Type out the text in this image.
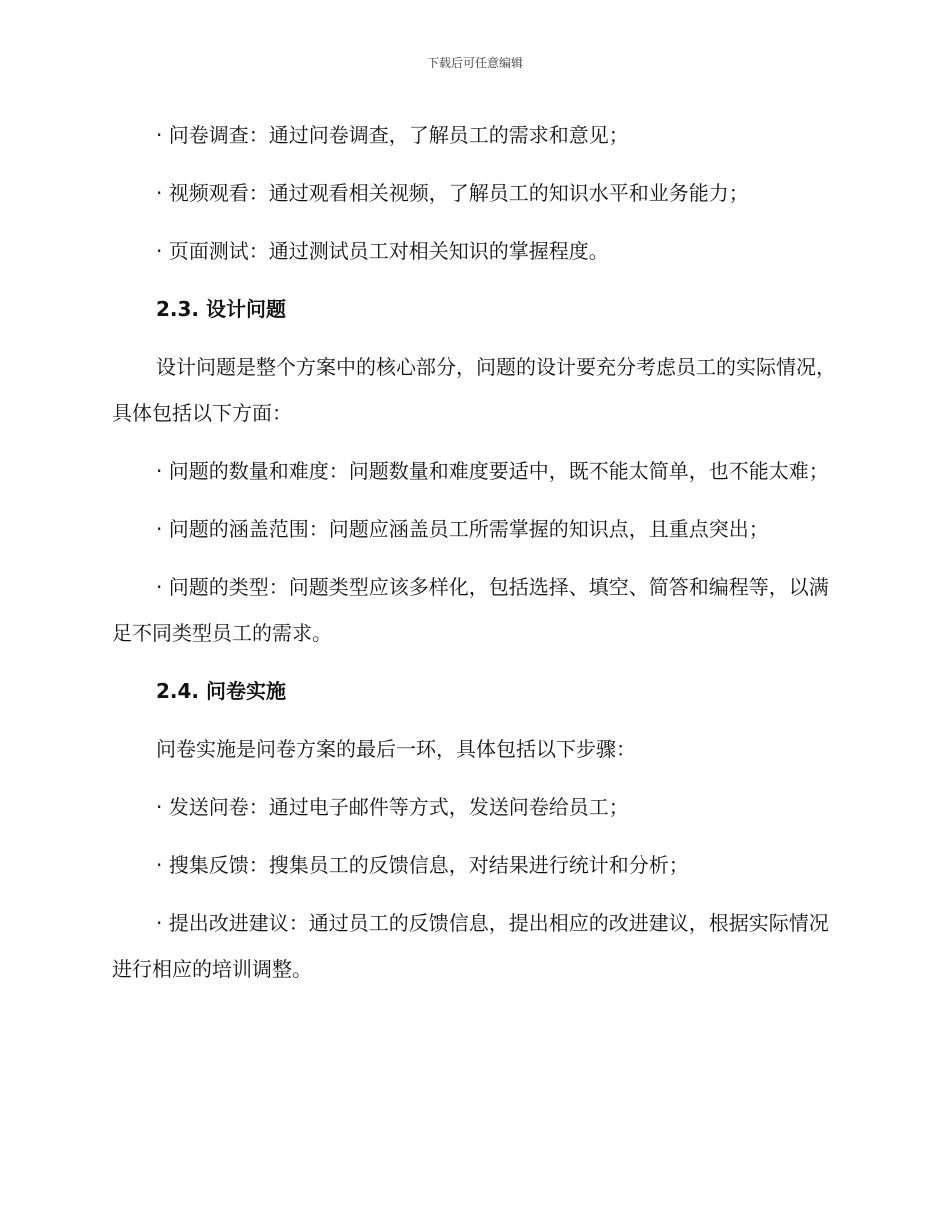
下载后可任意编辑

· 问卷调查：通过问卷调查，了解员工的需求和意见；

· 视频观看：通过观看相关视频，了解员工的知识水平和业务能力；

· 页面测试：通过测试员工对相关知识的掌握程度。

2.3. 设计问题

设计问题是整个方案中的核心部分，问题的设计要充分考虑员工的实际情况，具体包括以下方面：

· 问题的数量和难度：问题数量和难度要适中，既不能太简单，也不能太难；

· 问题的涵盖范围：问题应涵盖员工所需掌握的知识点，且重点突出；

· 问题的类型：问题类型应该多样化，包括选择、填空、简答和编程等，以满足不同类型员工的需求。

2.4. 问卷实施

问卷实施是问卷方案的最后一环，具体包括以下步骤：

· 发送问卷：通过电子邮件等方式，发送问卷给员工；

· 搜集反馈：搜集员工的反馈信息，对结果进行统计和分析；

· 提出改进建议：通过员工的反馈信息，提出相应的改进建议，根据实际情况进行相应的培训调整。
